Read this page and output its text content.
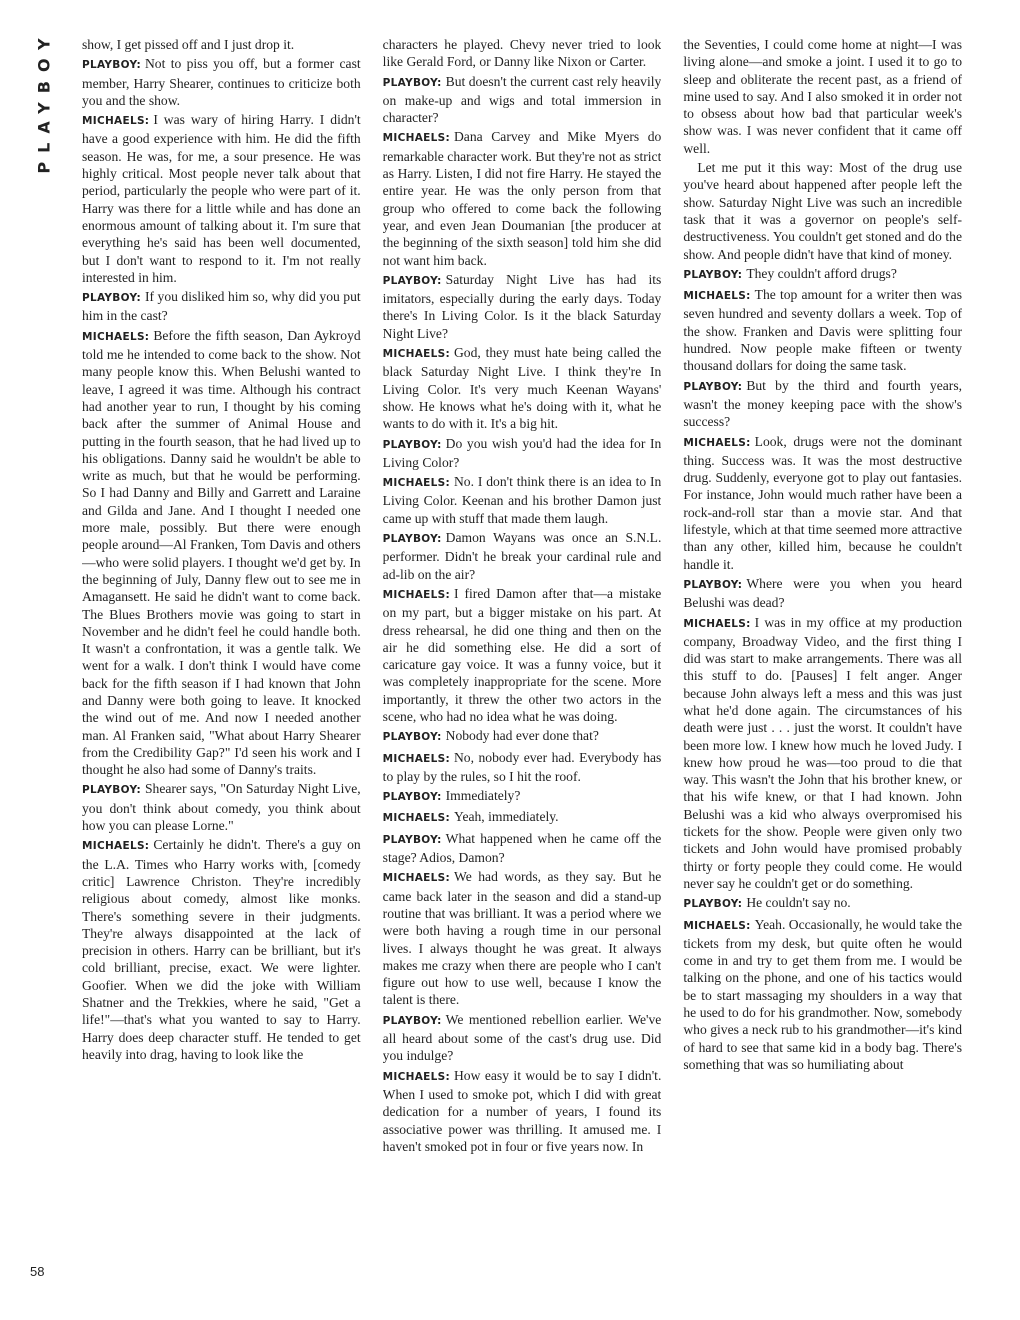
PLAYBOY show, I get pissed off and I just drop it.

PLAYBOY: Not to piss you off, but a former cast member, Harry Shearer, continues to criticize both you and the show.

MICHAELS: I was wary of hiring Harry. I didn't have a good experience with him. He did the fifth season. He was, for me, a sour presence. He was highly critical. Most people never talk about that period, particularly the people who were part of it. Harry was there for a little while and has done an enormous amount of talking about it. I'm sure that everything he's said has been well documented, but I don't want to respond to it. I'm not really interested in him.

PLAYBOY: If you disliked him so, why did you put him in the cast?

MICHAELS: Before the fifth season, Dan Aykroyd told me he intended to come back to the show. Not many people know this. When Belushi wanted to leave, I agreed it was time. Although his contract had another year to run, I thought by his coming back after the summer of Animal House and putting in the fourth season, that he had lived up to his obligations. Danny said he wouldn't be able to write as much, but that he would be performing. So I had Danny and Billy and Garrett and Laraine and Gilda and Jane. And I thought I needed one more male, possibly. But there were enough people around—Al Franken, Tom Davis and others—who were solid players. I thought we'd get by. In the beginning of July, Danny flew out to see me in Amagansett. He said he didn't want to come back. The Blues Brothers movie was going to start in November and he didn't feel he could handle both. It wasn't a confrontation, it was a gentle talk. We went for a walk. I don't think I would have come back for the fifth season if I had known that John and Danny were both going to leave. It knocked the wind out of me. And now I needed another man. Al Franken said, "What about Harry Shearer from the Credibility Gap?" I'd seen his work and I thought he also had some of Danny's traits.

PLAYBOY: Shearer says, "On Saturday Night Live, you don't think about comedy, you think about how you can please Lorne."

MICHAELS: Certainly he didn't. There's a guy on the L.A. Times who Harry works with, [comedy critic] Lawrence Christon. They're incredibly religious about comedy, almost like monks. There's something severe in their judgments. They're always disappointed at the lack of precision in others. Harry can be brilliant, but it's cold brilliant, precise, exact. We were lighter. Goofier. When we did the joke with William Shatner and the Trekkies, where he said, "Get a life!"—that's what you wanted to say to Harry. Harry does deep character stuff. He tended to get heavily into drag, having to look like the

characters he played. Chevy never tried to look like Gerald Ford, or Danny like Nixon or Carter.

PLAYBOY: But doesn't the current cast rely heavily on make-up and wigs and total immersion in character?

MICHAELS: Dana Carvey and Mike Myers do remarkable character work. But they're not as strict as Harry. Listen, I did not fire Harry. He stayed the entire year. He was the only person from that group who offered to come back the following year, and even Jean Doumanian [the producer at the beginning of the sixth season] told him she did not want him back.

PLAYBOY: Saturday Night Live has had its imitators, especially during the early days. Today there's In Living Color. Is it the black Saturday Night Live?

MICHAELS: God, they must hate being called the black Saturday Night Live. I think they're In Living Color. It's very much Keenan Wayans' show. He knows what he's doing with it, what he wants to do with it. It's a big hit.

PLAYBOY: Do you wish you'd had the idea for In Living Color?

MICHAELS: No. I don't think there is an idea to In Living Color. Keenan and his brother Damon just came up with stuff that made them laugh.

PLAYBOY: Damon Wayans was once an S.N.L. performer. Didn't he break your cardinal rule and ad-lib on the air?

MICHAELS: I fired Damon after that—a mistake on my part, but a bigger mistake on his part. At dress rehearsal, he did one thing and then on the air he did something else. He did a sort of caricature gay voice. It was a funny voice, but it was completely inappropriate for the scene. More importantly, it threw the other two actors in the scene, who had no idea what he was doing.

PLAYBOY: Nobody had ever done that?

MICHAELS: No, nobody ever had. Everybody has to play by the rules, so I hit the roof.

PLAYBOY: Immediately?

MICHAELS: Yeah, immediately.

PLAYBOY: What happened when he came off the stage? Adios, Damon?

MICHAELS: We had words, as they say. But he came back later in the season and did a stand-up routine that was brilliant. It was a period where we were both having a rough time in our personal lives. I always thought he was great. It always makes me crazy when there are people who I can't figure out how to use well, because I know the talent is there.

PLAYBOY: We mentioned rebellion earlier. We've all heard about some of the cast's drug use. Did you indulge?

MICHAELS: How easy it would be to say I didn't. When I used to smoke pot, which I did with great dedication for a number of years, I found its associative power was thrilling. It amused me. I haven't smoked pot in four or five years now. In

the Seventies, I could come home at night—I was living alone—and smoke a joint. I used it to go to sleep and obliterate the recent past, as a friend of mine used to say. And I also smoked it in order not to obsess about how bad that particular week's show was. I was never confident that it came off well.

Let me put it this way: Most of the drug use you've heard about happened after people left the show. Saturday Night Live was such an incredible task that it was a governor on people's self-destructiveness. You couldn't get stoned and do the show. And people didn't have that kind of money.

PLAYBOY: They couldn't afford drugs?

MICHAELS: The top amount for a writer then was seven hundred and seventy dollars a week. Top of the show. Franken and Davis were splitting four hundred. Now people make fifteen or twenty thousand dollars for doing the same task.

PLAYBOY: But by the third and fourth years, wasn't the money keeping pace with the show's success?

MICHAELS: Look, drugs were not the dominant thing. Success was. It was the most destructive drug. Suddenly, everyone got to play out fantasies. For instance, John would much rather have been a rock-and-roll star than a movie star. And that lifestyle, which at that time seemed more attractive than any other, killed him, because he couldn't handle it.

PLAYBOY: Where were you when you heard Belushi was dead?

MICHAELS: I was in my office at my production company, Broadway Video, and the first thing I did was start to make arrangements. There was all this stuff to do. [Pauses] I felt anger. Anger because John always left a mess and this was just what he'd done again. The circumstances of his death were just . . . just the worst. It couldn't have been more low. I knew how much he loved Judy. I knew how proud he was—too proud to die that way. This wasn't the John that his brother knew, or that his wife knew, or that I had known. John Belushi was a kid who always overpromised his tickets for the show. People were given only two tickets and John would have promised probably thirty or forty people they could come. He would never say he couldn't get or do something.

PLAYBOY: He couldn't say no.

MICHAELS: Yeah. Occasionally, he would take the tickets from my desk, but quite often he would come in and try to get them from me. I would be talking on the phone, and one of his tactics would be to start massaging my shoulders in a way that he used to do for his grandmother. Now, somebody who gives a neck rub to his grandmother—it's kind of hard to see that same kid in a body bag. There's something that was so humiliating about

58
